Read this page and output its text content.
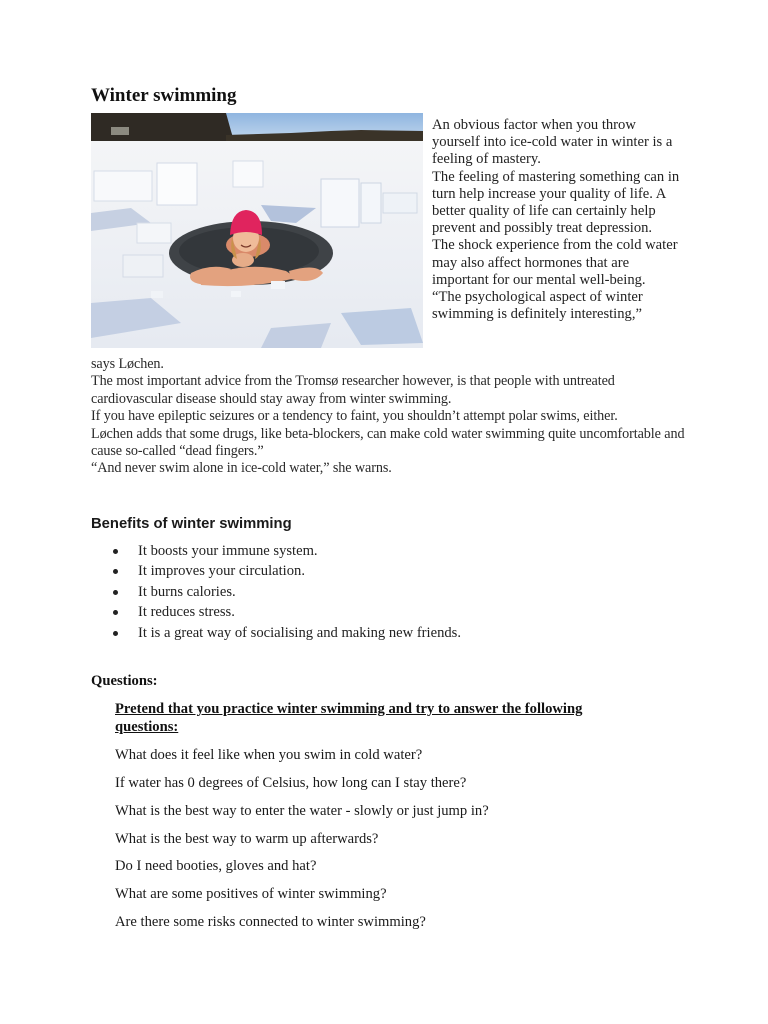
Winter swimming

An obvious factor when you throw yourself into ice-cold water in winter is a feeling of mastery.

The feeling of mastering something can in turn help increase your quality of life. A better quality of life can certainly help prevent and possibly treat depression.

The shock experience from the cold water may also affect hormones that are important for our mental well-being.

“The psychological aspect of winter swimming is definitely interesting,”

says Løchen.

The most important advice from the Tromsø researcher however, is that people with untreated cardiovascular disease should stay away from winter swimming.

If you have epileptic seizures or a tendency to faint, you shouldn’t attempt polar swims, either.

Løchen adds that some drugs, like beta-blockers, can make cold water swimming quite uncomfortable and cause so-called “dead fingers.”

“And never swim alone in ice-cold water,” she warns.

Benefits of winter swimming
It boosts your immune system.
It improves your circulation.
It burns calories.
It reduces stress.
It is a great way of socialising and making new friends.
Questions:

Pretend that you practice winter swimming and try to answer the following questions:

What does it feel like when you swim in cold water?

If water has 0 degrees of Celsius, how long can I stay there?

What is the best way to enter the water - slowly or just jump in?

What is the best way to warm up afterwards?

Do I need booties, gloves and hat?

What are some positives of winter swimming?

Are there some risks connected to winter swimming?
